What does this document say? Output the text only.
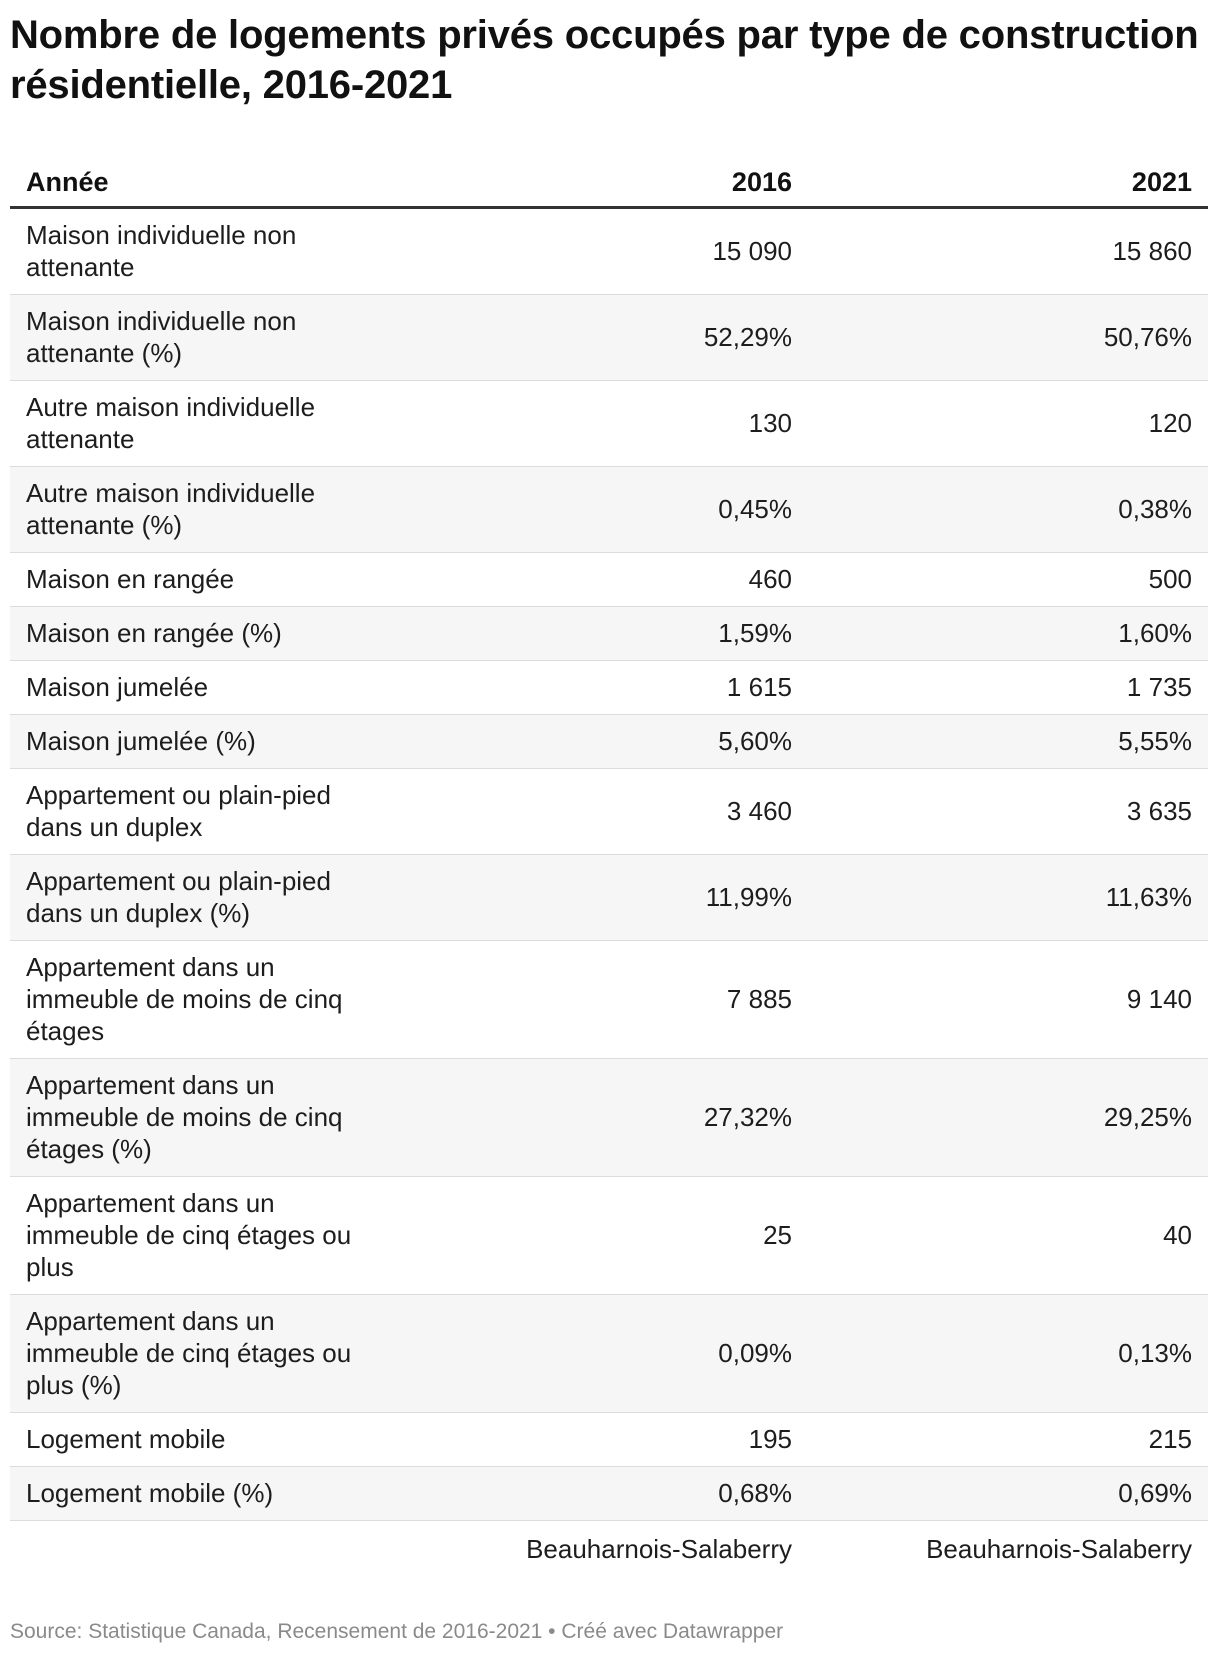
Nombre de logements privés occupés par type de construction résidentielle, 2016-2021
Année	2016	2021
Maison individuelle non attenante	15 090	15 860
Maison individuelle non attenante (%)	52,29%	50,76%
Autre maison individuelle attenante	130	120
Autre maison individuelle attenante (%)	0,45%	0,38%
Maison en rangée	460	500
Maison en rangée (%)	1,59%	1,60%
Maison jumelée	1 615	1 735
Maison jumelée (%)	5,60%	5,55%
Appartement ou plain-pied dans un duplex	3 460	3 635
Appartement ou plain-pied dans un duplex (%)	11,99%	11,63%
Appartement dans un immeuble de moins de cinq étages	7 885	9 140
Appartement dans un immeuble de moins de cinq étages (%)	27,32%	29,25%
Appartement dans un immeuble de cinq étages ou plus	25	40
Appartement dans un immeuble de cinq étages ou plus (%)	0,09%	0,13%
Logement mobile	195	215
Logement mobile (%)	0,68%	0,69%
	Beauharnois-Salaberry	Beauharnois-Salaberry
Source: Statistique Canada, Recensement de 2016-2021 • Créé avec Datawrapper
